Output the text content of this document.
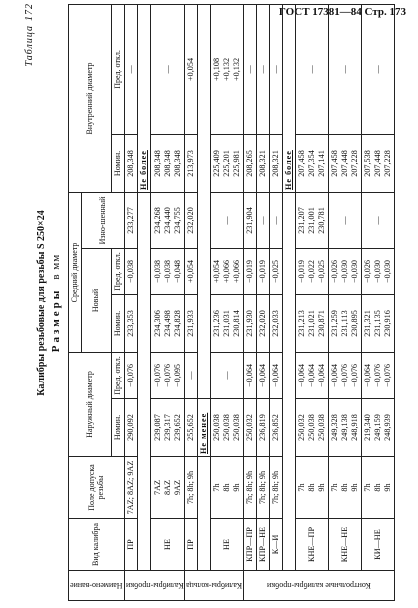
ГОСТ 17381—84 Стр. 173
Таблица172
Калибры резьбовые для резьбы S 250×24 Размерыв мм
Наимено-вание	Вид калибра	Поле допуска резьбы	Наружный диаметр		Средний диаметр			Внутренний диаметр	
					Новый		Изно-шенный		
			Номин.	Пред. откл.	Номин.	Пред. откл.		Номин.	Пред. откл.

Калибры-пробки	ПР	7AZ; 8AZ; 9AZ	290,092	−0,076	233,353	−0,038	233,277	208,348	—
								Не более	
	НЕ	7AZ
8AZ
9AZ	239,087
239,317
239,652	−0,076
−0,076
−0,095	234,306
234,498
234,828	−0,038
−0,038
−0,048	234,268
234,440
234,755	208,348
208,348
208,348	—

Калибры-кольца	ПР	7h; 8h; 9h	255,652	—	231,933	+0,054	232,020	213,973	+0,054
			Не менее						
	НЕ	7h
8h
9h	250,038
250,038
250,038	—	231,236
231,031
230,814	+0,054
+0,066
+0,066	—	225,409
225,201
225,981	+0,108
+0,132
+0,132

Контрольные калибры-пробки	КПР—ПР	7h; 8h; 9h	250,032	−0,064	231,930	−0,019	231,904	208,265	—
	КПР—НЕ	7h; 8h; 9h	236,819	−0,064	232,020	−0,019	—	208,321	—
	К—И	7h; 8h; 9h	236,852	−0,064	232,033	−0,025	—	208,321	—
								Не более	
	КНЕ—ПР	7h
8h
9h	250,032
250,038
250,038	−0,064
−0,064
−0,064	231,213
231,021
230,871	−0,019
−0,022
−0,025	231,207
231,001
230,781	207,458
207,354
207,141	—
	КНЕ—НЕ	7h
8h
9h	249,328
249,138
248,918	−0,064
−0,076
−0,076	231,259
231,113
230,895	−0,026
−0,030
−0,030	—	207,458
207,448
207,228	—
	КИ—НЕ	7h
8h
9h	219,340
249,159
248,939	−0,064
−0,076
−0,076	231,321
231,135
230,916	−0,026
−0,030
−0,030	—	207,538
207,448
207,228	—
